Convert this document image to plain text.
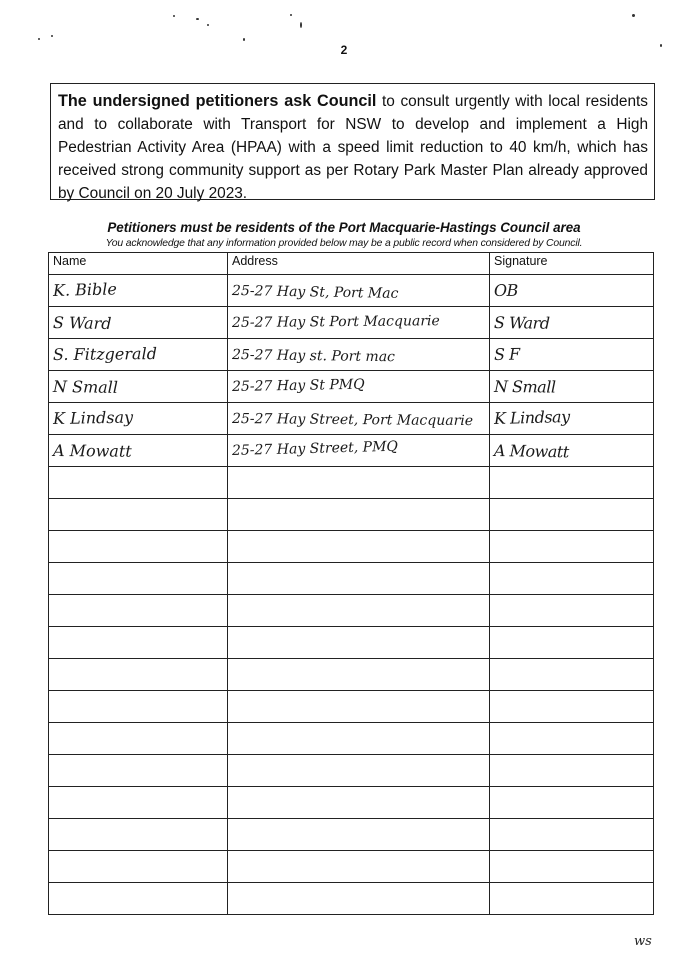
2
The undersigned petitioners ask Council to consult urgently with local residents and to collaborate with Transport for NSW to develop and implement a High Pedestrian Activity Area (HPAA) with a speed limit reduction to 40 km/h, which has received strong community support as per Rotary Park Master Plan already approved by Council on 20 July 2023.
Petitioners must be residents of the Port Macquarie-Hastings Council area
You acknowledge that any information provided below may be a public record when considered by Council.
Name	Address	Signature
K. Bible	25-27 Hay St, Port Mac	OB
S Ward	25-27 Hay St Port Macquarie	S Ward
S. Fitzgerald	25-27 Hay st. Port mac	S F
N Small	25-27 Hay St PMQ	N Small
K Lindsay	25-27 Hay Street, Port Macquarie	K Lindsay
A Mowatt	25-27 Hay Street, PMQ	A Mowatt

ws
